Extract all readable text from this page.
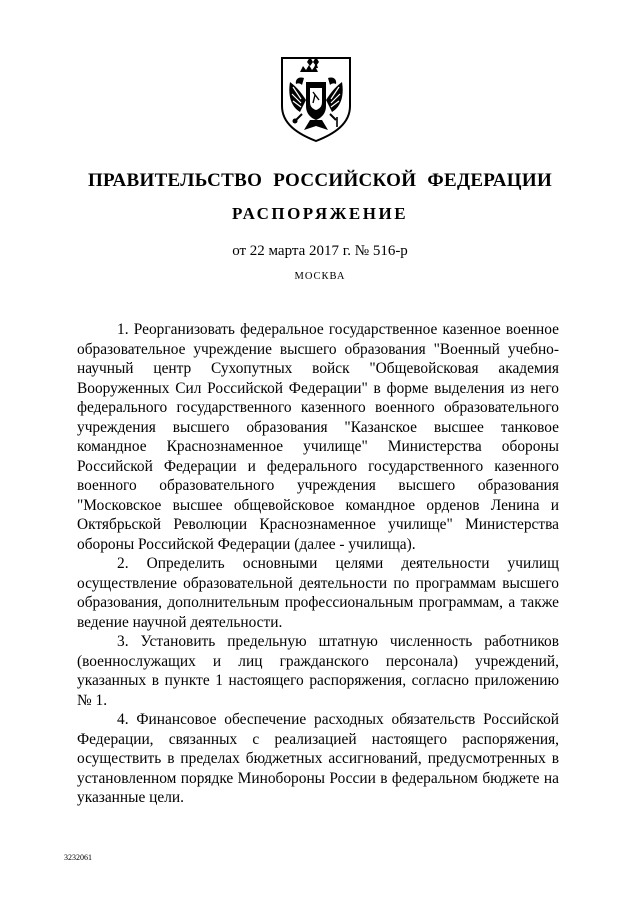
ПРАВИТЕЛЬСТВО РОССИЙСКОЙ ФЕДЕРАЦИИ
РАСПОРЯЖЕНИЕ
от 22 марта 2017 г. № 516-р
МОСКВА

1. Реорганизовать федеральное государственное казенное военное образовательное учреждение высшего образования "Военный учебно-научный центр Сухопутных войск "Общевойсковая академия Вооруженных Сил Российской Федерации" в форме выделения из него федерального государственного казенного военного образовательного учреждения высшего образования "Казанское высшее танковое командное Краснознаменное училище" Министерства обороны Российской Федерации и федерального государственного казенного военного образовательного учреждения высшего образования "Московское высшее общевойсковое командное орденов Ленина и Октябрьской Революции Краснознаменное училище" Министерства обороны Российской Федерации (далее - училища).

2. Определить основными целями деятельности училищ осуществление образовательной деятельности по программам высшего образования, дополнительным профессиональным программам, а также ведение научной деятельности.

3. Установить предельную штатную численность работников (военнослужащих и лиц гражданского персонала) учреждений, указанных в пункте 1 настоящего распоряжения, согласно приложению № 1.

4. Финансовое обеспечение расходных обязательств Российской Федерации, связанных с реализацией настоящего распоряжения, осуществить в пределах бюджетных ассигнований, предусмотренных в установленном порядке Минобороны России в федеральном бюджете на указанные цели.

3232061
